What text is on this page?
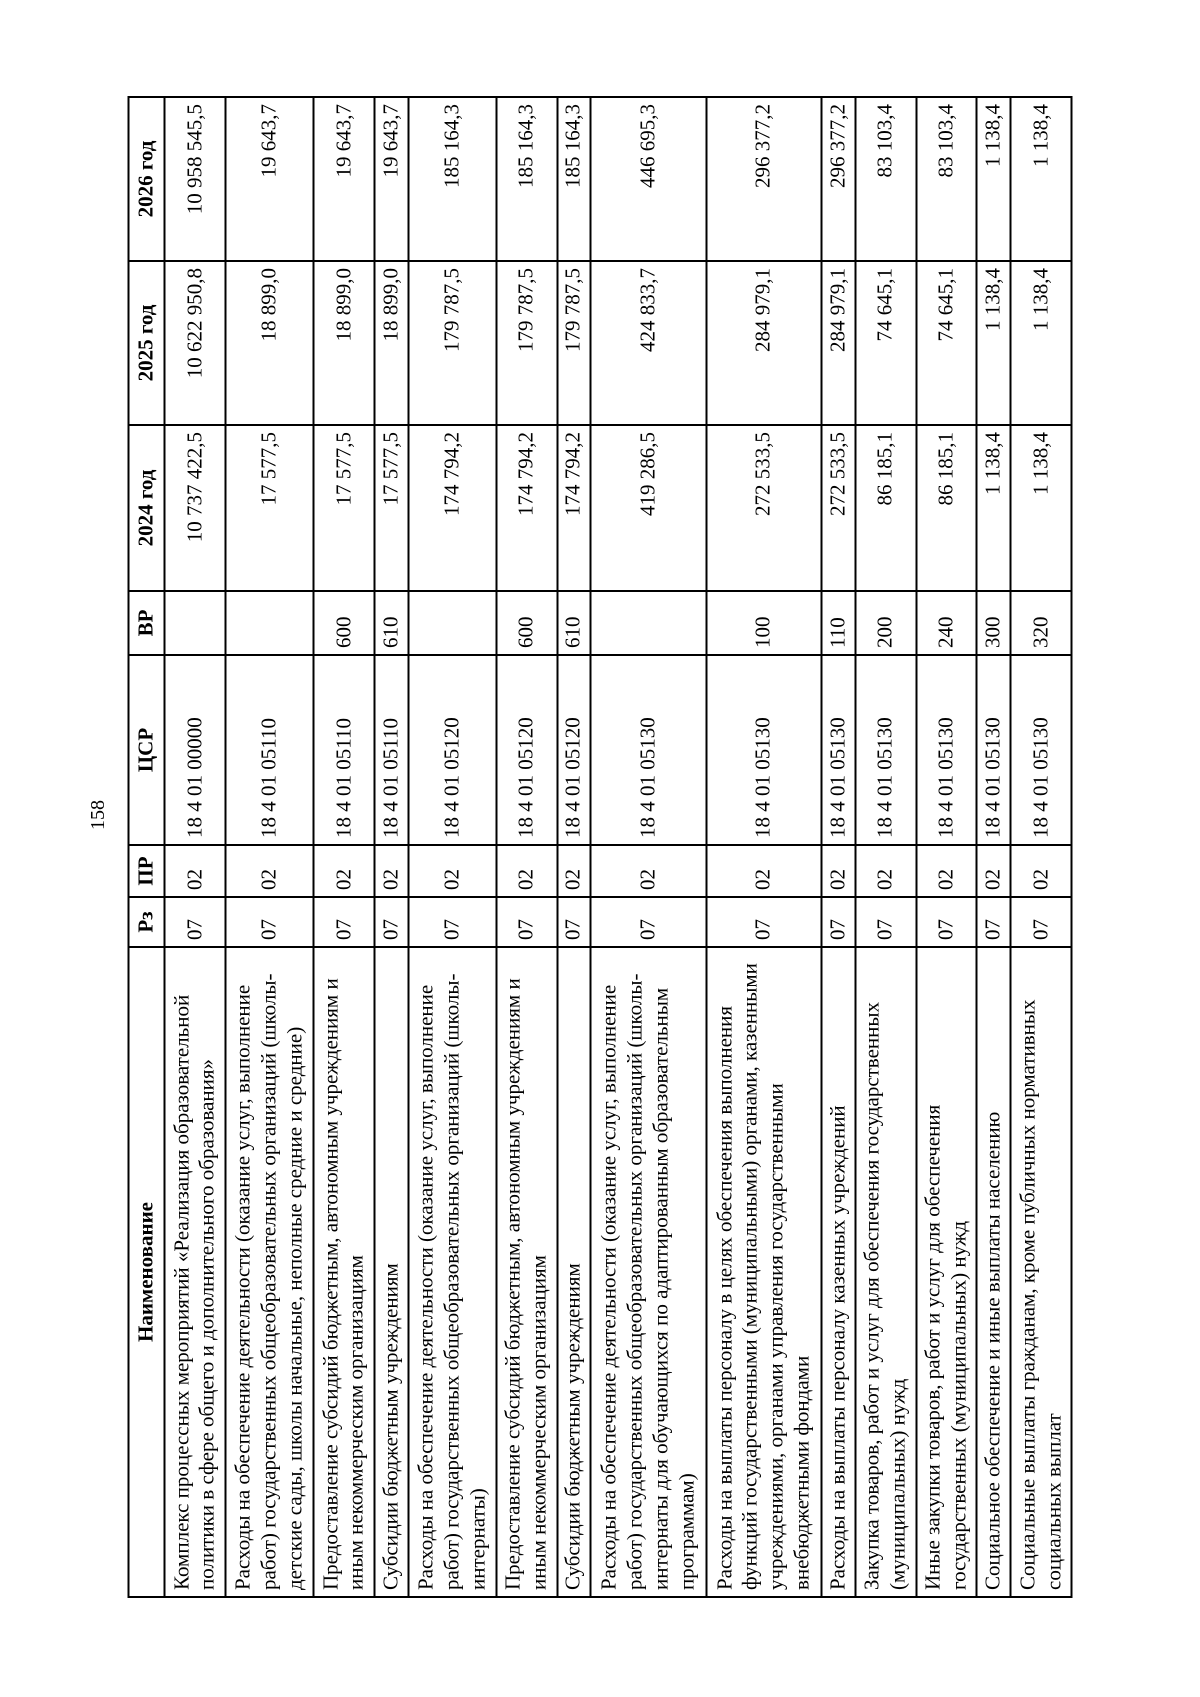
158
Наименование	Рз	ПР	ЦСР	ВР	2024 год	2025 год	2026 год
Комплекс процессных мероприятий «Реализация образовательной политики в сфере общего и дополнительного образования»	07	02	18 4 01 00000		10 737 422,5	10 622 950,8	10 958 545,5
Расходы на обеспечение деятельности (оказание услуг, выполнение работ) государственных общеобразовательных организаций (школы-детские сады, школы начальные, неполные средние и средние)	07	02	18 4 01 05110		17 577,5	18 899,0	19 643,7
Предоставление субсидий бюджетным, автономным учреждениям и иным некоммерческим организациям	07	02	18 4 01 05110	600	17 577,5	18 899,0	19 643,7
Субсидии бюджетным учреждениям	07	02	18 4 01 05110	610	17 577,5	18 899,0	19 643,7
Расходы на обеспечение деятельности (оказание услуг, выполнение работ) государственных общеобразовательных организаций (школы-интернаты)	07	02	18 4 01 05120		174 794,2	179 787,5	185 164,3
Предоставление субсидий бюджетным, автономным учреждениям и иным некоммерческим организациям	07	02	18 4 01 05120	600	174 794,2	179 787,5	185 164,3
Субсидии бюджетным учреждениям	07	02	18 4 01 05120	610	174 794,2	179 787,5	185 164,3
Расходы на обеспечение деятельности (оказание услуг, выполнение работ) государственных общеобразовательных организаций (школы-интернаты для обучающихся по адаптированным образовательным программам)	07	02	18 4 01 05130		419 286,5	424 833,7	446 695,3
Расходы на выплаты персоналу в целях обеспечения выполнения функций государственными (муниципальными) органами, казенными учреждениями, органами управления государственными внебюджетными фондами	07	02	18 4 01 05130	100	272 533,5	284 979,1	296 377,2
Расходы на выплаты персоналу казенных учреждений	07	02	18 4 01 05130	110	272 533,5	284 979,1	296 377,2
Закупка товаров, работ и услуг для обеспечения государственных (муниципальных) нужд	07	02	18 4 01 05130	200	86 185,1	74 645,1	83 103,4
Иные закупки товаров, работ и услуг для обеспечения государственных (муниципальных) нужд	07	02	18 4 01 05130	240	86 185,1	74 645,1	83 103,4
Социальное обеспечение и иные выплаты населению	07	02	18 4 01 05130	300	1 138,4	1 138,4	1 138,4
Социальные выплаты гражданам, кроме публичных нормативных социальных выплат	07	02	18 4 01 05130	320	1 138,4	1 138,4	1 138,4
